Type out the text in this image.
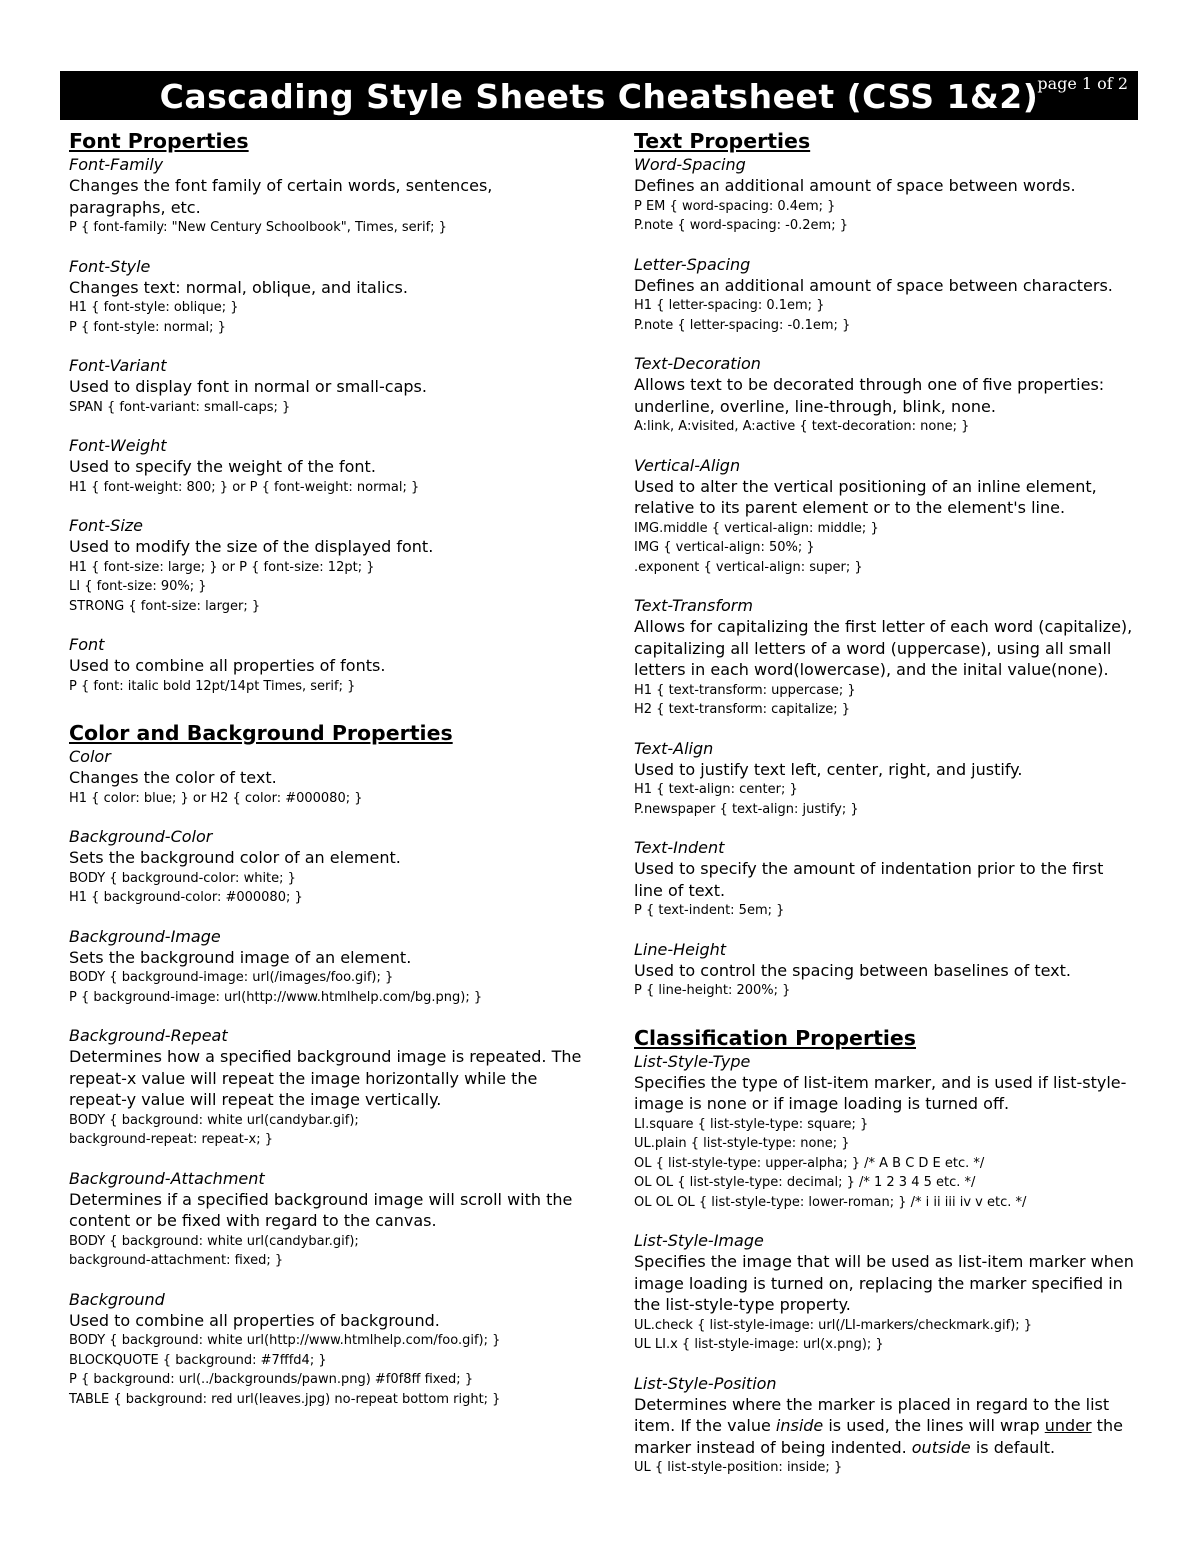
Cascading Style Sheets Cheatsheet (CSS 1&2)
page 1 of 2
Font Properties
Font-Family
Changes the font family of certain words, sentences, paragraphs, etc.
P { font-family: "New Century Schoolbook", Times, serif; }
Font-Style
Changes text: normal, oblique, and italics.
H1 { font-style: oblique; }
P { font-style: normal; }
Font-Variant
Used to display font in normal or small-caps.
SPAN { font-variant: small-caps; }
Font-Weight
Used to specify the weight of the font.
H1 { font-weight: 800; } or P { font-weight: normal; }
Font-Size
Used to modify the size of the displayed font.
H1 { font-size: large; } or P { font-size: 12pt; }
LI { font-size: 90%; }
STRONG { font-size: larger; }
Font
Used to combine all properties of fonts.
P { font: italic bold 12pt/14pt Times, serif; }
Color and Background Properties
Color
Changes the color of text.
H1 { color: blue; } or H2 { color: #000080; }
Background-Color
Sets the background color of an element.
BODY { background-color: white; }
H1 { background-color: #000080; }
Background-Image
Sets the background image of an element.
BODY { background-image: url(/images/foo.gif); }
P { background-image: url(http://www.htmlhelp.com/bg.png); }
Background-Repeat
Determines how a specified background image is repeated. The repeat-x value will repeat the image horizontally while the repeat-y value will repeat the image vertically.
BODY { background: white url(candybar.gif);
background-repeat: repeat-x; }
Background-Attachment
Determines if a specified background image will scroll with the content or be fixed with regard to the canvas.
BODY { background: white url(candybar.gif);
background-attachment: fixed; }
Background
Used to combine all properties of background.
BODY { background: white url(http://www.htmlhelp.com/foo.gif); }
BLOCKQUOTE { background: #7fffd4; }
P { background: url(../backgrounds/pawn.png) #f0f8ff fixed; }
TABLE { background: red url(leaves.jpg) no-repeat bottom right; }
Text Properties
Word-Spacing
Defines an additional amount of space between words.
P EM { word-spacing: 0.4em; }
P.note { word-spacing: -0.2em; }
Letter-Spacing
Defines an additional amount of space between characters.
H1 { letter-spacing: 0.1em; }
P.note { letter-spacing: -0.1em; }
Text-Decoration
Allows text to be decorated through one of five properties: underline, overline, line-through, blink, none.
A:link, A:visited, A:active { text-decoration: none; }
Vertical-Align
Used to alter the vertical positioning of an inline element, relative to its parent element or to the element's line.
IMG.middle { vertical-align: middle; }
IMG { vertical-align: 50%; }
.exponent { vertical-align: super; }
Text-Transform
Allows for capitalizing the first letter of each word (capitalize), capitalizing all letters of a word (uppercase), using all small letters in each word(lowercase), and the inital value(none).
H1 { text-transform: uppercase; }
H2 { text-transform: capitalize; }
Text-Align
Used to justify text left, center, right, and justify.
H1 { text-align: center; }
P.newspaper { text-align: justify; }
Text-Indent
Used to specify the amount of indentation prior to the first line of text.
P { text-indent: 5em; }
Line-Height
Used to control the spacing between baselines of text.
P { line-height: 200%; }
Classification Properties
List-Style-Type
Specifies the type of list-item marker, and is used if list-style-image is none or if image loading is turned off.
LI.square { list-style-type: square; }
UL.plain { list-style-type: none; }
OL { list-style-type: upper-alpha; } /* A B C D E etc. */
OL OL { list-style-type: decimal; } /* 1 2 3 4 5 etc. */
OL OL OL { list-style-type: lower-roman; } /* i ii iii iv v etc. */
List-Style-Image
Specifies the image that will be used as list-item marker when image loading is turned on, replacing the marker specified in the list-style-type property.
UL.check { list-style-image: url(/LI-markers/checkmark.gif); }
UL LI.x { list-style-image: url(x.png); }
List-Style-Position
Determines where the marker is placed in regard to the list item. If the value inside is used, the lines will wrap under the marker instead of being indented. outside is default.
UL { list-style-position: inside; }
